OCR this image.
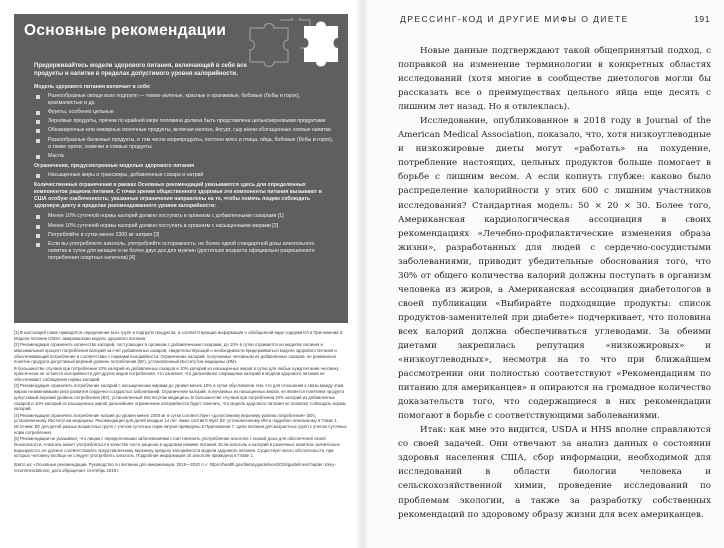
Основные рекомендации

Придерживайтесь модели здорового питания, включающей в себя все продукты и напитки в пределах допустимого уровня калорийности.

Модель здорового питания включает в себя:

Разнообразные овощи всех подгрупп — темно-зеленые, красные и оранжевые, бобовые (бобы и горох), крахмалистые и др.
Фрукты, особенно цельные
Зерновые продукты, причем по крайней мере половина должна быть представлена цельнозерновыми продуктами
Обезжиренные или нежирные молочные продукты, включая молоко, йогурт, сыр и/или обогащенные соевые напитки
Разнообразные белковые продукты, в том числе морепродукты, постное мясо и птица, яйца, бобовые (бобы и горох), а также орехи, семечки и соевые продукты
Масла

Ограничения, предусмотренные моделью здорового питания

Насыщенные жиры и трансжиры, добавленные сахара и натрий

Количественные ограничения в рамках Основных рекомендаций указываются здесь для определенных компонентов рациона питания. С точки зрения общественного здоровья эти компоненты питания вызывают в США особую озабоченность; указанные ограничения направлены на то, чтобы помочь людям соблюдать здоровую диету в пределах рекомендованного уровня калорийности:

Менее 10% суточной нормы калорий должно поступать в организм с добавленными сахарами [1]
Менее 10% суточной нормы калорий должно поступать в организм с насыщенными жирами [2]
Потребляйте в сутки менее 2300 мг натрия [3]
Если вы употребляете алкоголь, употребляйте осторожность: не более одной стандартной дозы алкогольного напитка в сутки для женщин и не более двух доз для мужчин (достигших возраста официально разрешенного потребления спиртных напитков) [4]

[1] В настоящей главе приводятся определения всех групп и подгрупп продуктов, а соответствующая информация о обобщенной виде содержится в Приложении 3. Модели питания USDA: американская модель здорового питания.

[2] Рекомендация ограничить количество калорий, поступающих в организм с добавленными сахарами, до 10% в сутки отражается на моделях питания и максимальный процент потребления калорий за счет добавленных сахаров, свидетельствующий о необходимости придерживаться модели здорового питания и обеспечивающий потребление в соответствии с нормами калорийности. Ограничение калорий, получаемых человеком из добавленных сахаров, не ревизионно понятие продукта допустимый верхний уровень потребления (ВУ), установленный Институтом медицины (ИМ).

В большинстве случаев при потреблении 10% калорий из добавленных сахаров и 10% калорий из насыщенных жиров в сутки для любых нужд питания человеку практически не остается калорийности для других видов потребления, что означает, что дальнейшее сокращение калорий в модели здорового питания не обеспечивает соблюдения нормы калорий.

[3] Рекомендация ограничить потребление калорий с насыщенными жирами до уровня менее 10% в сутки обусловлена тем, что для отношения к связи между этим жиром незаменимыми риск развития сердечно-сосудистых заболеваний. Ограничение калорий, получаемых из насыщенных жиров, не является понятием продукта допустимый верхний уровень потребления (ВУ), установленный Институтом медицины. В большинстве случаев при потреблении 10% калорий из добавленных сахаров и 10% калорий из насыщенных жиров дальнейшее ограничение калорийности будет означать, что модель здорового питания не позволит соблюдать нормы калорий.

[4] Рекомендация ограничить потребление натрия до уровня менее 2300 мг в сутки соответствует «допустимому верхнему уровню потребления» (ВУ), установленному Институтом медицины. Рекомендация для детей младше 14 лет также соответствует ВУ, установленному ИМ и подробно описанному в Главе 1. Источник: ВУ для детей разных возрастных групп с учетом суточных норм натрия приведены в Приложении 7. Цели питания для возрастных групп с учетом суточных норм потребления.

[5] Рекомендации не указывают, что лицам с определенными заболеваниями стоит начинать употребление алкоголя с низкой дозы для обеспечения своей безопасности. Алкоголь может употребляться в качестве части рациона в здоровом режиме питания. Если алкоголь и калорий в различных напитках значительно варьируются, не должно соответствовать представленному верхнему пределу калорийности модели здорового питания. Существует много обстоятельств, при которых человеку вообще не следует употреблять алкоголь. Подробная информация об алкоголе приведена в Главе 1.

Взято из: «Основные рекомендации. Руководство по питанию для американцев, 2015—2020 гг.»: https://health.gov/dietaryguidelines/2015/guidelines/chapter-1/key-recommendations/, дата обращения: сентябрь 2018 г.

ДРЕССИНГ-КОД И ДРУГИЕ МИФЫ О ДИЕТЕ	191

Новые данные подтверждают такой общепринятый подход, с поправкой на изменение терминологии в конкретных областях исследований (хотя многие в сообществе диетологов могли бы рассказать все о преимуществах цельного яйца еще десять с лишним лет назад. Но я отвлеклась).

Исследование, опубликованное в 2018 году в Journal of the American Medical Association, показало, что, хотя низкоуглеводные и низкожировые диеты могут «работать» на похудение, потребление настоящих, цельных продуктов больше помогает в борьбе с лишним весом. А если копнуть глубже: каково было распределение калорийности у этих 600 с лишним участников исследования? Стандартная модель: 50 × 20 × 30. Более того, Американская кардиологическая ассоциация в своих рекомендациях «Лечебно-профилактические изменения образа жизни», разработанных для людей с сердечно-сосудистыми заболеваниями, приводит убедительные обоснования того, что 30% от общего количества калорий должны поступать в организм человека из жиров, а Американская ассоциация диабетологов в своей публикации «Выбирайте подходящие продукты: список продуктов-заменителей при диабете» подчеркивает, что половина всех калорий должна обеспечиваться углеводами. За обеими диетами закрепилась репутация «низкожировых» и «низкоуглеводных», несмотря на то что при ближайшем рассмотрении они полностью соответствуют «Рекомендациям по питанию для американцев» и опираются на громадное количество доказательств того, что содержащиеся в них рекомендации помогают в борьбе с соответствующими заболеваниями.

Итак: как мне это видится, USDA и HHS вполне справляются со своей задачей. Они отвечают за анализ данных о состоянии здоровья населения США, сбор информации, необходимой для исследований в области биологии человека и сельскохозяйственной химии, проведение исследований по проблемам экологии, а также за разработку собственных рекомендаций по здоровому образу жизни для всех американцев.
